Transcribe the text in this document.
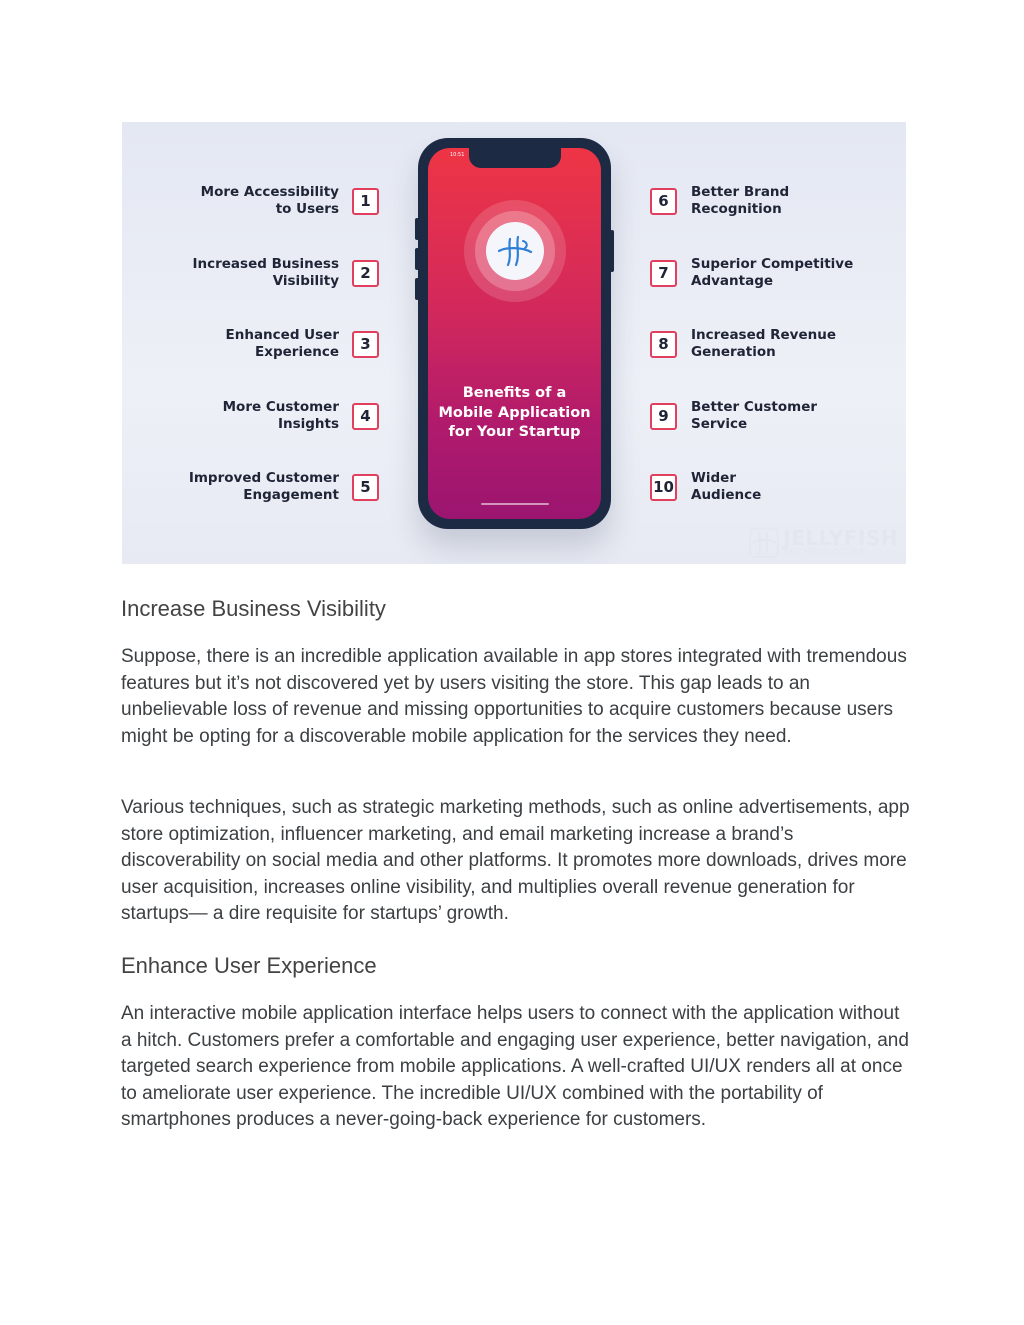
More Accessibility
to Users	1
Increased Business
Visibility	2
Enhanced User
Experience	3
More Customer
Insights	4
Improved Customer
Engagement	5
6	Better Brand
Recognition
7	Superior Competitive
Advantage
8	Increased Revenue
Generation
9	Better Customer
Service
10 Wider
Audience
10:51
Benefits of a
Mobile Application
for Your Startup
JELLYFISH
TECHNOLOGIES
Increase Business Visibility

Suppose, there is an incredible application available in app stores integrated with tremendous features but it’s not discovered yet by users visiting the store. This gap leads to an unbelievable loss of revenue and missing opportunities to acquire customers because users might be opting for a discoverable mobile application for the services they need.

Various techniques, such as strategic marketing methods, such as online advertisements, app store optimization, influencer marketing, and email marketing increase a brand’s discoverability on social media and other platforms. It promotes more downloads, drives more user acquisition, increases online visibility, and multiplies overall revenue generation for startups— a dire requisite for startups’ growth.

Enhance User Experience

An interactive mobile application interface helps users to connect with the application without a hitch. Customers prefer a comfortable and engaging user experience, better navigation, and targeted search experience from mobile applications. A well-crafted UI/UX renders all at once to ameliorate user experience. The incredible UI/UX combined with the portability of smartphones produces a never-going-back experience for customers.
